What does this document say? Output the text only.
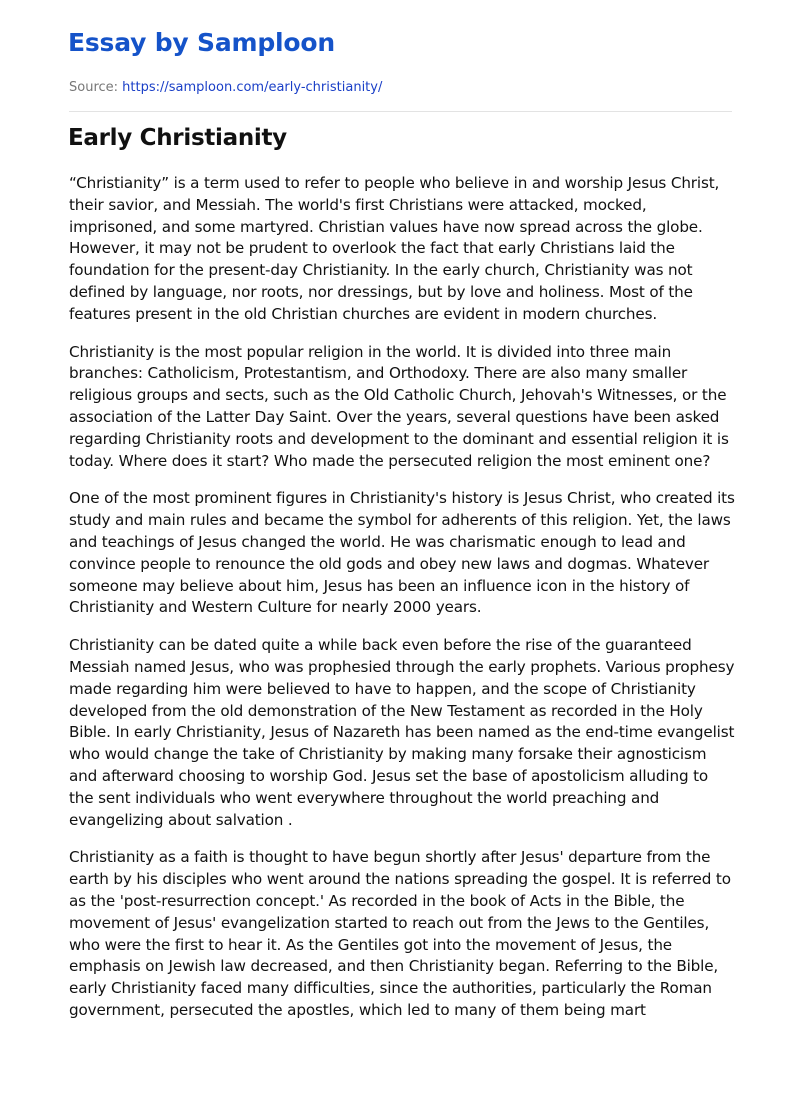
Essay by Samploon
Source: https://samploon.com/early-christianity/
Early Christianity

“Christianity” is a term used to refer to people who believe in and worship Jesus Christ, their savior, and Messiah. The world's first Christians were attacked, mocked, imprisoned, and some martyred. Christian values have now spread across the globe. However, it may not be prudent to overlook the fact that early Christians laid the foundation for the present-day Christianity. In the early church, Christianity was not defined by language, nor roots, nor dressings, but by love and holiness. Most of the features present in the old Christian churches are evident in modern churches.

Christianity is the most popular religion in the world. It is divided into three main branches: Catholicism, Protestantism, and Orthodoxy. There are also many smaller religious groups and sects, such as the Old Catholic Church, Jehovah's Witnesses, or the association of the Latter Day Saint. Over the years, several questions have been asked regarding Christianity roots and development to the dominant and essential religion it is today. Where does it start? Who made the persecuted religion the most eminent one?

One of the most prominent figures in Christianity's history is Jesus Christ, who created its study and main rules and became the symbol for adherents of this religion. Yet, the laws and teachings of Jesus changed the world. He was charismatic enough to lead and convince people to renounce the old gods and obey new laws and dogmas. Whatever someone may believe about him, Jesus has been an influence icon in the history of Christianity and Western Culture for nearly 2000 years.

Christianity can be dated quite a while back even before the rise of the guaranteed Messiah named Jesus, who was prophesied through the early prophets. Various prophesy made regarding him were believed to have to happen, and the scope of Christianity developed from the old demonstration of the New Testament as recorded in the Holy Bible. In early Christianity, Jesus of Nazareth has been named as the end-time evangelist who would change the take of Christianity by making many forsake their agnosticism and afterward choosing to worship God. Jesus set the base of apostolicism alluding to the sent individuals who went everywhere throughout the world preaching and evangelizing about salvation .

Christianity as a faith is thought to have begun shortly after Jesus' departure from the earth by his disciples who went around the nations spreading the gospel. It is referred to as the 'post-resurrection concept.' As recorded in the book of Acts in the Bible, the movement of Jesus' evangelization started to reach out from the Jews to the Gentiles, who were the first to hear it. As the Gentiles got into the movement of Jesus, the emphasis on Jewish law decreased, and then Christianity began. Referring to the Bible, early Christianity faced many difficulties, since the authorities, particularly the Roman government, persecuted the apostles, which led to many of them being mart
